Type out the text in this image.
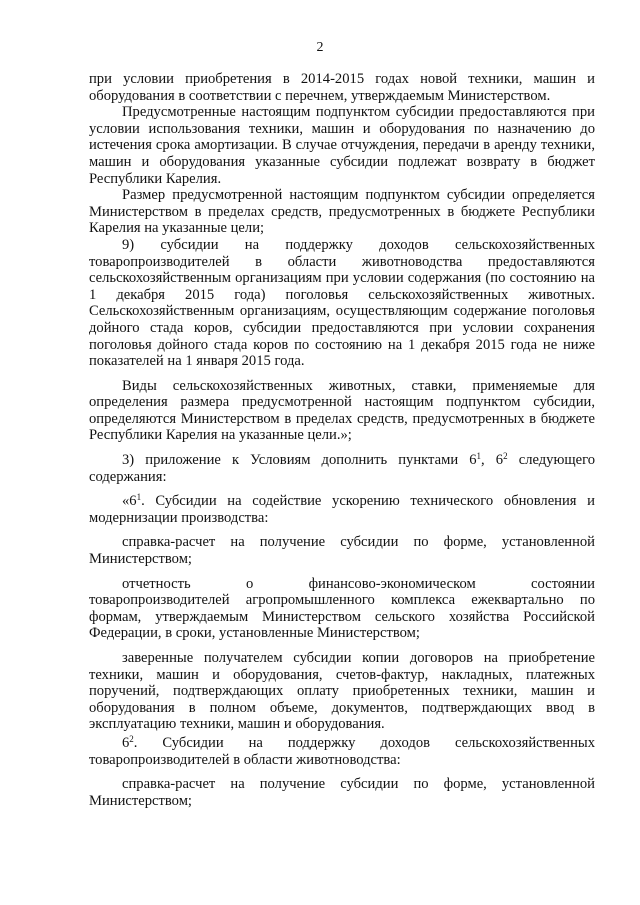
2

при условии приобретения в 2014-2015 годах новой техники, машин и оборудования в соответствии с перечнем, утверждаемым Министерством.

Предусмотренные настоящим подпунктом субсидии предоставляются при условии использования техники, машин и оборудования по назначению до истечения срока амортизации. В случае отчуждения, передачи в аренду техники, машин и оборудования указанные субсидии подлежат возврату в бюджет Республики Карелия.

Размер предусмотренной настоящим подпунктом субсидии определяется Министерством в пределах средств, предусмотренных в бюджете Республики Карелия на указанные цели;

9) субсидии на поддержку доходов сельскохозяйственных товаропроизводителей в области животноводства предоставляются сельскохозяйственным организациям при условии содержания (по состоянию на 1 декабря 2015 года) поголовья сельскохозяйственных животных. Сельскохозяйственным организациям, осуществляющим содержание поголовья дойного стада коров, субсидии предоставляются при условии сохранения поголовья дойного стада коров по состоянию на 1 декабря 2015 года не ниже показателей на 1 января 2015 года.

Виды сельскохозяйственных животных, ставки, применяемые для определения размера предусмотренной настоящим подпунктом субсидии, определяются Министерством в пределах средств, предусмотренных в бюджете Республики Карелия на указанные цели.»;

3) приложение к Условиям дополнить пунктами $6^1$, $6^2$ следующего содержания:

«$6^1$. Субсидии на содействие ускорению технического обновления и модернизации производства:

справка-расчет на получение субсидии по форме, установленной Министерством;

отчетность	о	финансово-экономическом	состоянии
товаропроизводителей агропромышленного комплекса ежеквартально по формам, утверждаемым Министерством сельского хозяйства Российской Федерации, в сроки, установленные Министерством;

заверенные получателем субсидии копии договоров на приобретение техники, машин и оборудования, счетов-фактур, накладных, платежных поручений, подтверждающих оплату приобретенных техники, машин и оборудования в полном объеме, документов, подтверждающих ввод в эксплуатацию техники, машин и оборудования.

$6^2$. Субсидии на поддержку доходов сельскохозяйственных товаропроизводителей в области животноводства:

справка-расчет на получение субсидии по форме, установленной Министерством;
